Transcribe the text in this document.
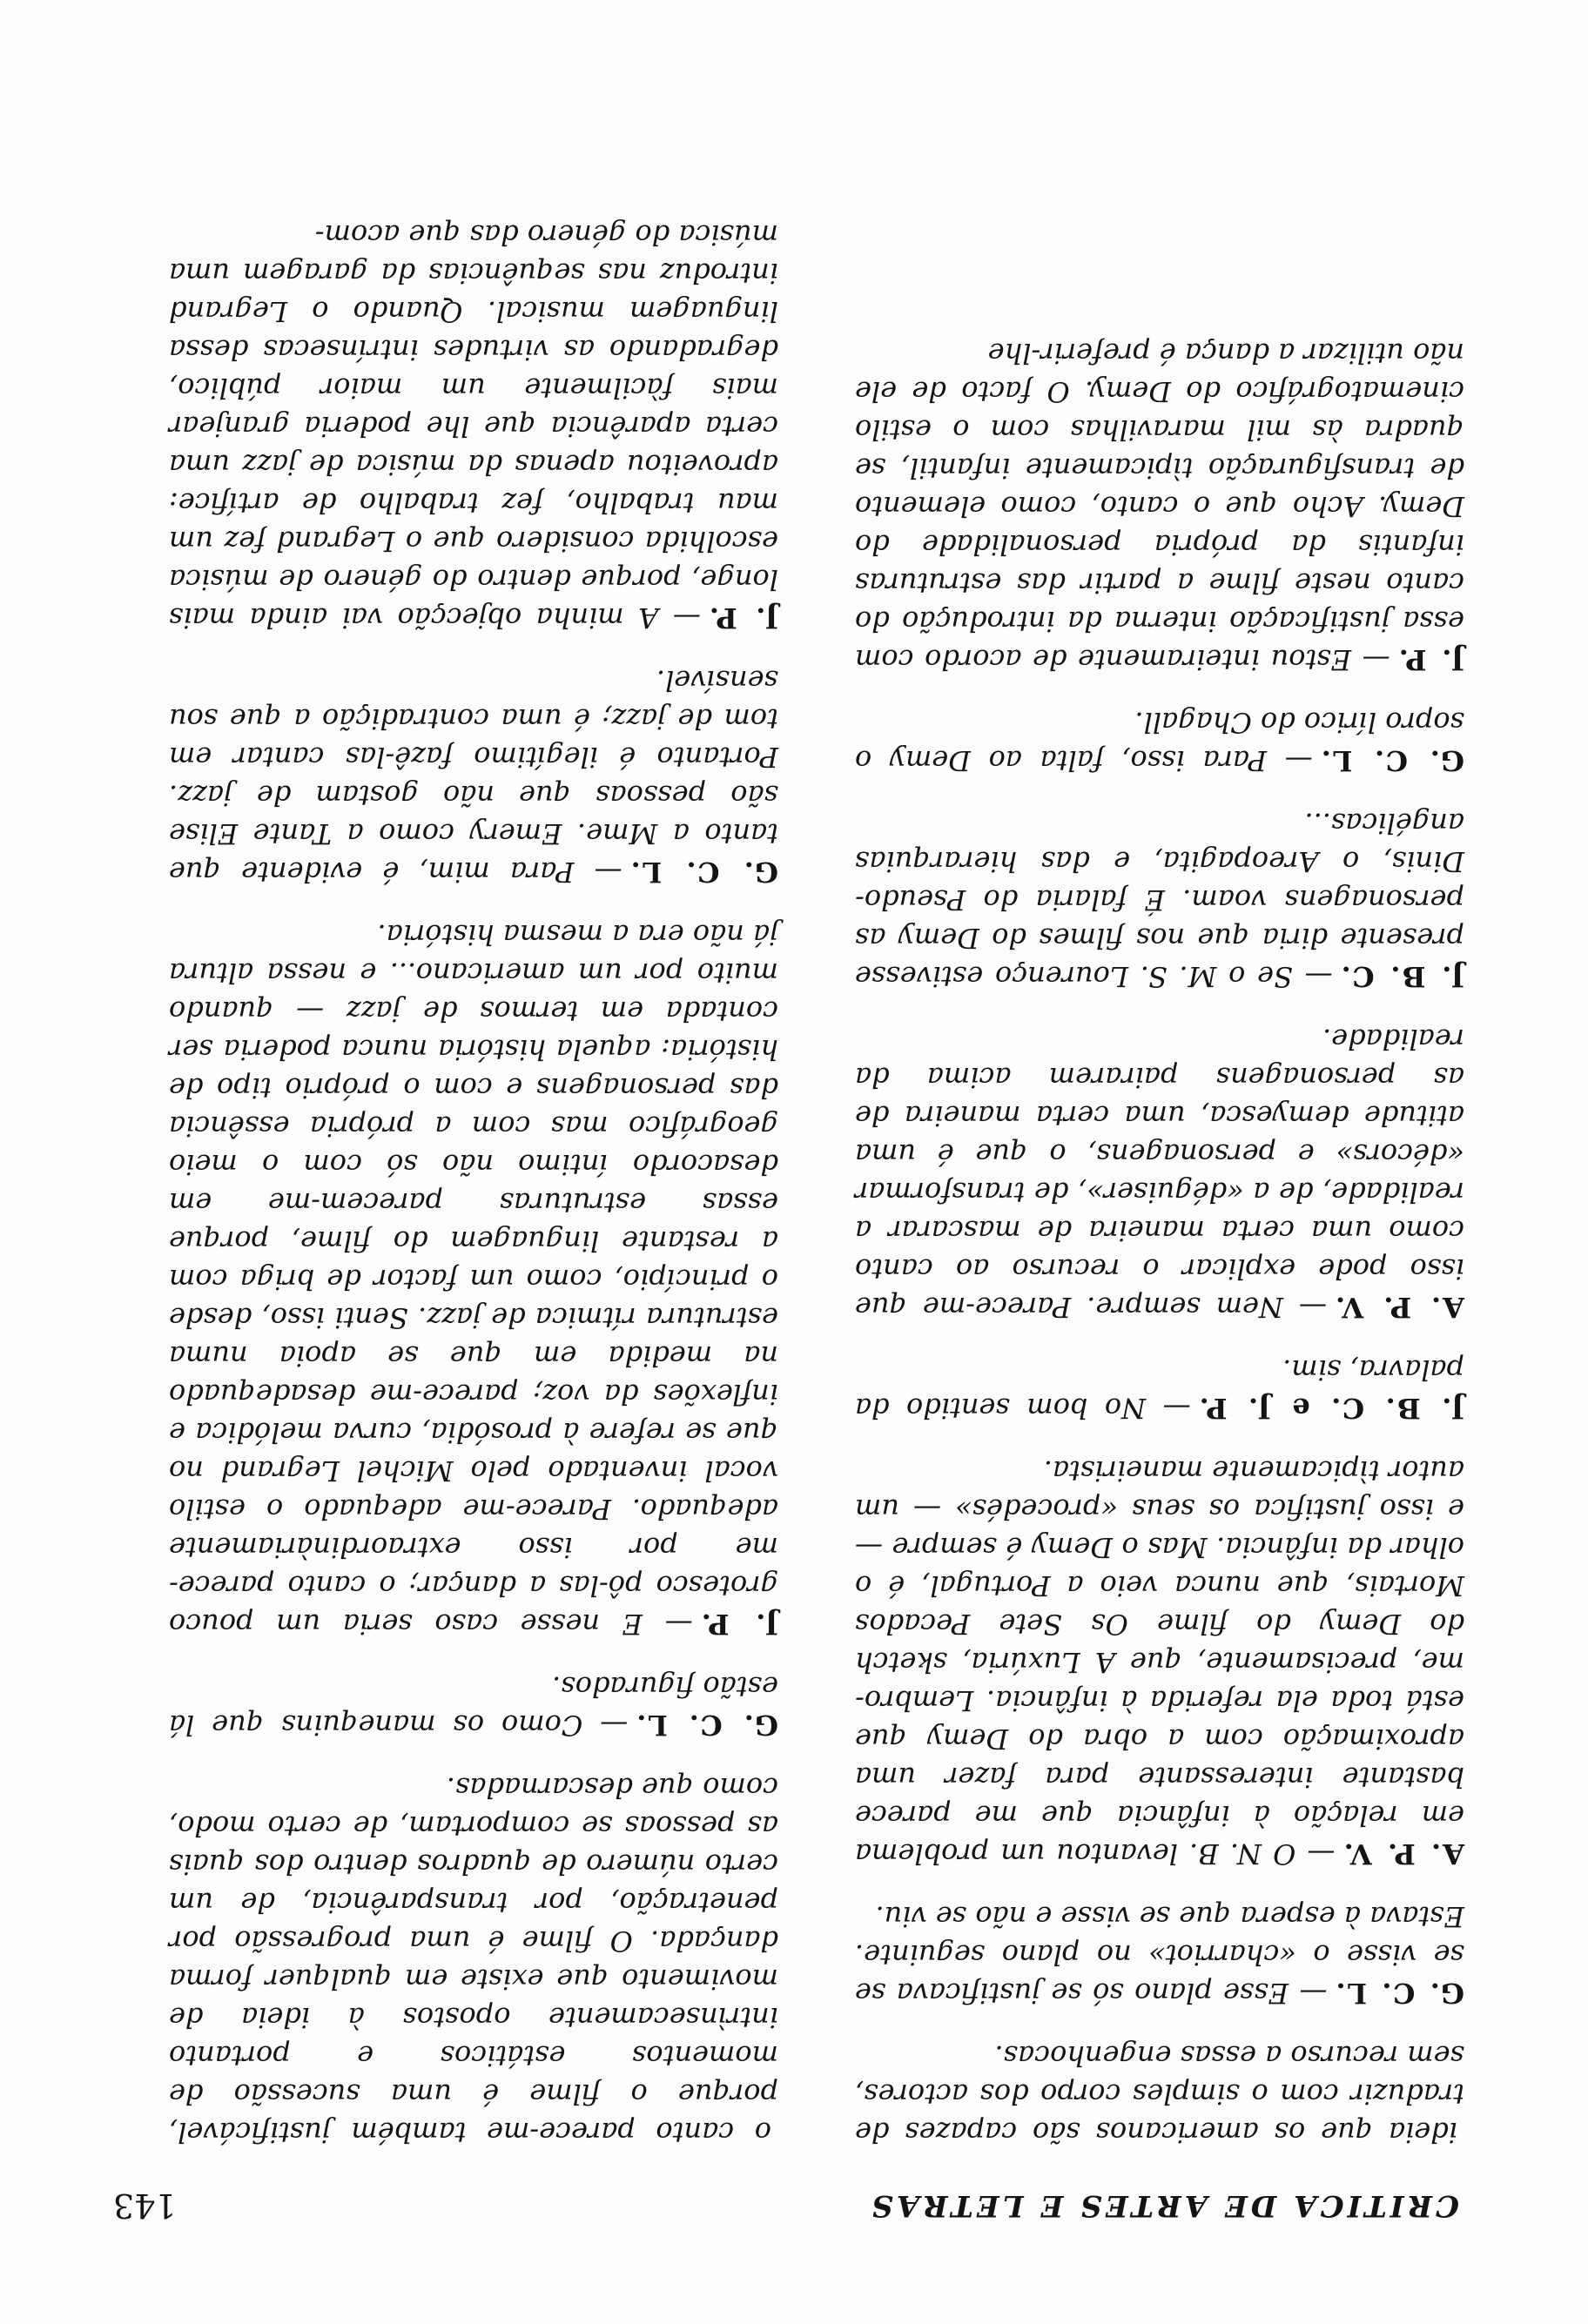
CRITICA DE ARTES E LETRAS
143

ideia que os americanos são capazes de traduzir com o simples corpo dos actores, sem recurso a essas engenhocas.

G. C. L.— Esse plano só se justificava se se visse o «charriot» no plano seguinte. Estava à espera que se visse e não se viu.

A. P. V.— O N. B. levantou um problema em relação à infância que me parece bastante interessante para fazer uma aproximação com a obra do Demy que está toda ela referida à infância. Lembro-me, precisamente, que A Luxúria, sketch do Demy do filme Os Sete Pecados Mortais, que nunca veio a Portugal, é o olhar da infância. Mas o Demy é sempre — e isso justifica os seus «procedés» — um autor tìpicamente maneirista.

J. B. C. e J. P.— No bom sentido da palavra, sim.

A. P. V.— Nem sempre. Parece-me que isso pode explicar o recurso ao canto como uma certa maneira de mascarar a realidade, de a «déguiser», de transformar «décors» e personagens, o que é uma atitude demyesca, uma certa maneira de as personagens pairarem acima da realidade.

J. B. C.— Se o M. S. Lourenço estivesse presente diria que nos filmes do Demy as personagens voam. É falaria do Pseudo-Dinis, o Areopagita, e das hierarquias angélicas...

G. C. L.— Para isso, falta ao Demy o sopro lírico do Chagall.

J. P.— Estou inteiramente de acordo com essa justificação interna da introdução do canto neste filme a partir das estruturas infantis da própria personalidade do Demy. Acho que o canto, como elemento de transfiguração tìpicamente infantil, se quadra às mil maravilhas com o estilo cinematográfico do Demy. O facto de ele não utilizar a dança é preferir-lhe

o canto parece-me também justificável, porque o filme é uma sucessão de momentos estáticos e portanto intrìnsecamente opostos à ideia de movimento que existe em qualquer forma dançada. O filme é uma progressão por penetração, por transparência, de um certo número de quadros dentro dos quais as pessoas se comportam, de certo modo, como que descarnadas.

G. C. L.— Como os manequins que lá estão figurados.

J. P.— E nesse caso seria um pouco grotesco pô-las a dançar; o canto parece-me por isso extraordinàriamente adequado. Parece-me adequado o estilo vocal inventado pelo Michel Legrand no que se refere à prosódia, curva melódica e inflexões da voz; parece-me desadequado na medida em que se apoia numa estrutura rítmica de jazz. Senti isso, desde o princípio, como um factor de briga com a restante linguagem do filme, porque essas estruturas parecem-me em desacordo íntimo não só com o meio geográfico mas com a própria essência das personagens e com o próprio tipo de história: aquela história nunca poderia ser contada em termos de jazz — quando muito por um americano... e nessa altura já não era a mesma história.

G. C. L.— Para mim, é evidente que tanto a Mme. Emery como a Tante Elise são pessoas que não gostam de jazz. Portanto é ilegítimo fazê-las cantar em tom de jazz; é uma contradição a que sou sensível.

J. P.— A minha objecção vai ainda mais longe, porque dentro do género de música escolhida considero que o Legrand fez um mau trabalho, fez trabalho de artífice: aproveitou apenas da música de jazz uma certa aparência que lhe poderia granjear mais fàcilmente um maior público, degradando as virtudes intrínsecas dessa linguagem musical. Quando o Legrand introduz nas sequências da garagem uma música do género das que acom-
